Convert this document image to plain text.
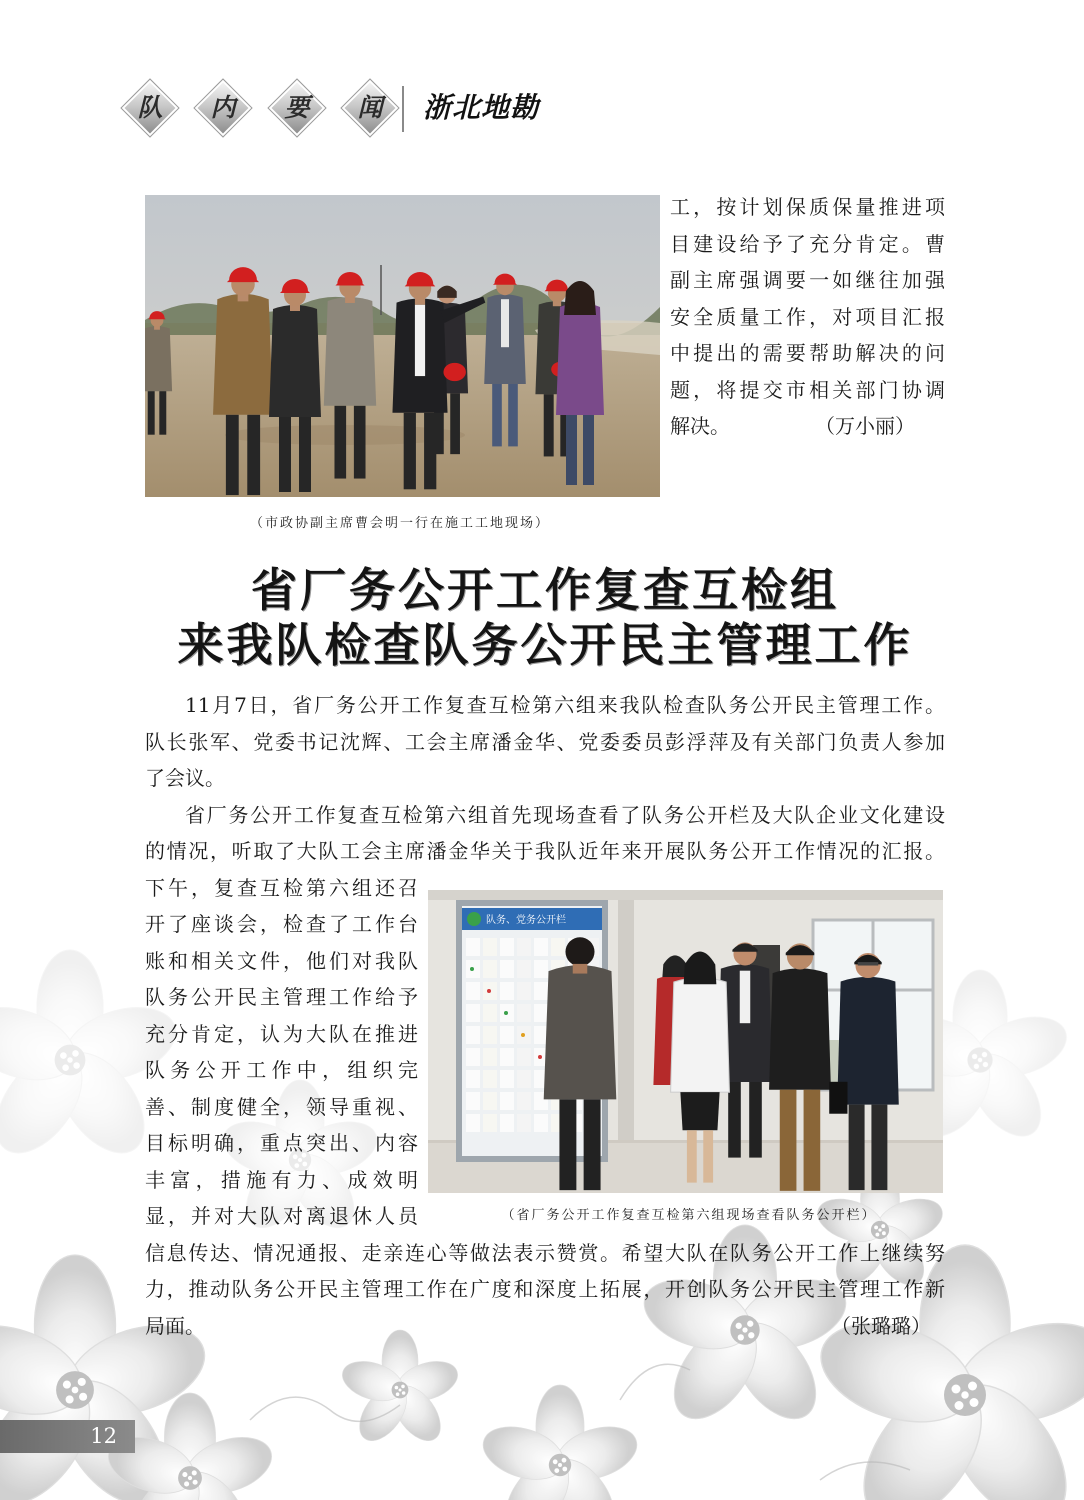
队	内	要	闻	浙北地勘
（市政协副主席曹会明一行在施工工地现场）
工，按计划保质保量推进项
目建设给予了充分肯定。曹
副主席强调要一如继往加强
安全质量工作，对项目汇报
中提出的需要帮助解决的问
题，将提交市相关部门协调
解决。	（万小丽）
省厂务公开工作复查互检组
来我队检查队务公开民主管理工作
11月7日，省厂务公开工作复查互检第六组来我队检查队务公开民主管理工作。
队长张军、党委书记沈辉、工会主席潘金华、党委委员彭浮萍及有关部门负责人参加
了会议。
省厂务公开工作复查互检第六组首先现场查看了队务公开栏及大队企业文化建设
的情况，听取了大队工会主席潘金华关于我队近年来开展队务公开工作情况的汇报。
下午，复查互检第六组还召
开了座谈会，检查了工作台
账和相关文件，他们对我队
队务公开民主管理工作给予
充分肯定，认为大队在推进
队务公开工作中，组织完
善、制度健全，领导重视、
目标明确，重点突出、内容
丰富，措施有力、成效明
显，并对大队对离退休人员
信息传达、情况通报、走亲连心等做法表示赞赏。希望大队在队务公开工作上继续努
力，推动队务公开民主管理工作在广度和深度上拓展，开创队务公开民主管理工作新
局面。	（张璐璐）
队务、党务公开栏
（省厂务公开工作复查互检第六组现场查看队务公开栏）
12
